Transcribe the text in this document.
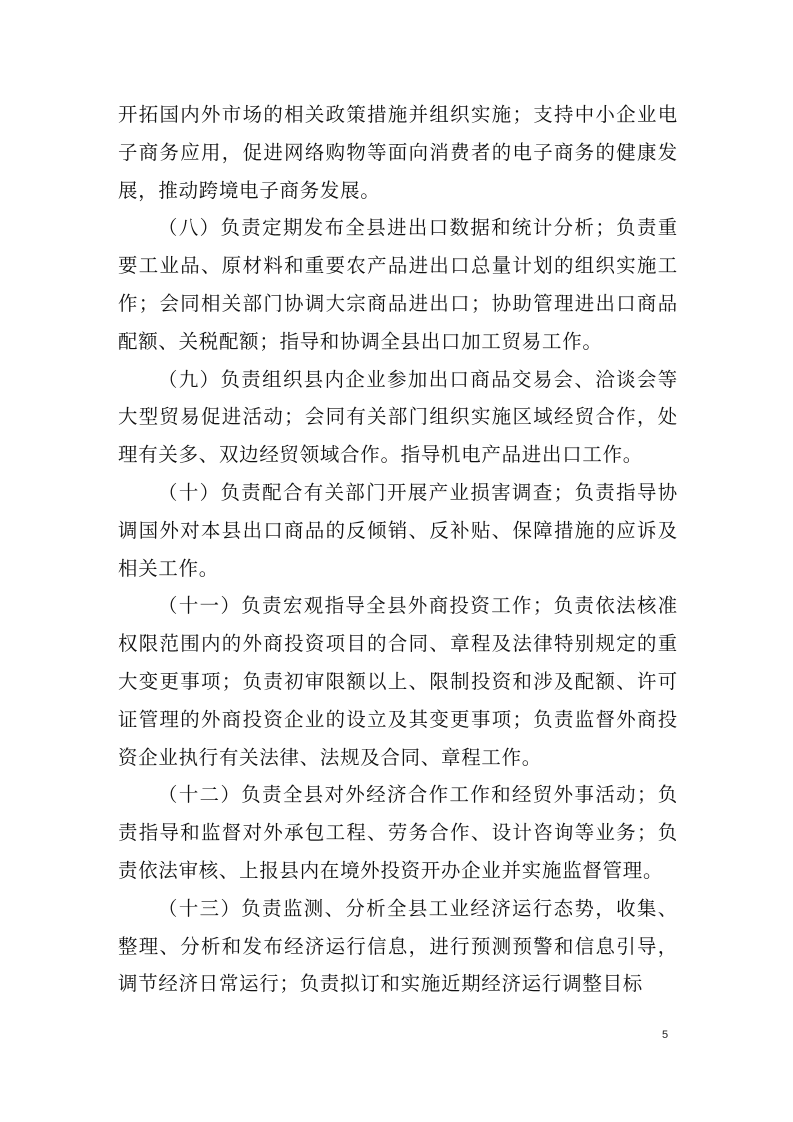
开拓国内外市场的相关政策措施并组织实施；支持中小企业电子商务应用，促进网络购物等面向消费者的电子商务的健康发展，推动跨境电子商务发展。

（八）负责定期发布全县进出口数据和统计分析；负责重要工业品、原材料和重要农产品进出口总量计划的组织实施工作；会同相关部门协调大宗商品进出口；协助管理进出口商品配额、关税配额；指导和协调全县出口加工贸易工作。

（九）负责组织县内企业参加出口商品交易会、洽谈会等大型贸易促进活动；会同有关部门组织实施区域经贸合作，处理有关多、双边经贸领域合作。指导机电产品进出口工作。

（十）负责配合有关部门开展产业损害调查；负责指导协调国外对本县出口商品的反倾销、反补贴、保障措施的应诉及相关工作。

（十一）负责宏观指导全县外商投资工作；负责依法核准权限范围内的外商投资项目的合同、章程及法律特别规定的重大变更事项；负责初审限额以上、限制投资和涉及配额、许可证管理的外商投资企业的设立及其变更事项；负责监督外商投资企业执行有关法律、法规及合同、章程工作。

（十二）负责全县对外经济合作工作和经贸外事活动；负责指导和监督对外承包工程、劳务合作、设计咨询等业务；负责依法审核、上报县内在境外投资开办企业并实施监督管理。

（十三）负责监测、分析全县工业经济运行态势，收集、整理、分析和发布经济运行信息，进行预测预警和信息引导，调节经济日常运行；负责拟订和实施近期经济运行调整目标

5
